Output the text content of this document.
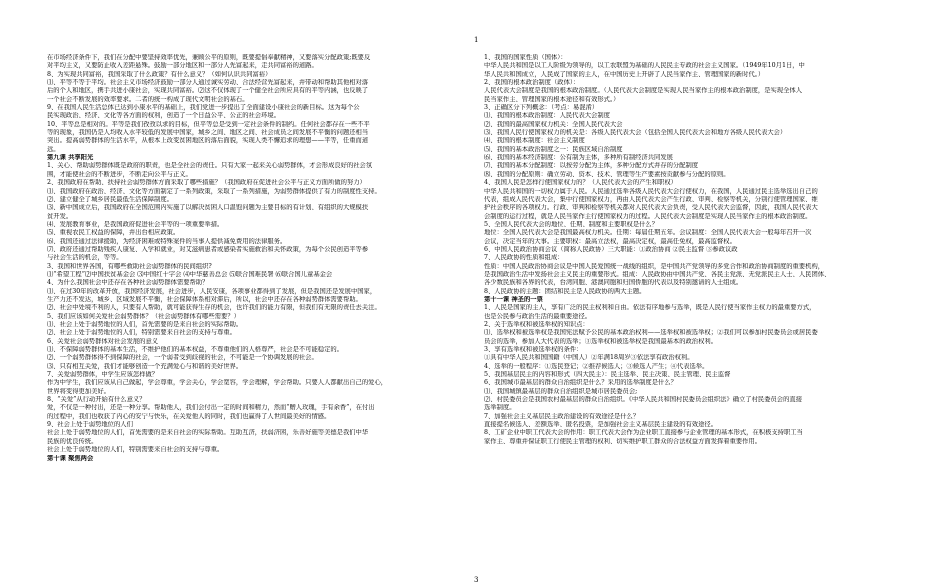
1
在市场经济条件下，我们在分配中要坚持效率优先，兼顾公平的原则，既要提倡奉献精神，又要落实分配政策;既要反
对平均主义，又要防止收入差距悬殊。鼓励一部分地区和一部分人先富起来，走共同富裕的道路。
8、为实现共同富裕，我国采取了什么政策？有什么意义？（如何认识共同富裕）
⑴、平等不等于平均。社会主义市场经济鼓励一部分人通过诚实劳动、合法经营先富起来，并带动和帮助其他相对落
后的个人和地区，携手共进小康社会，实现共同富裕。⑵这不仅体现了一个健全社会所应具有的平等内涵，也反映了
一个社会不断发展的效率要求。二者的统一构成了现代文明社会的基石。
9、在我国人民生活总体已达到小康水平的基础上，我们党进一步提出了全面建设小康社会的新目标。这为每个公
民实现政治、经济、文化等各方面的权利，创造了一个日益公平、公正的社会环境。
10、平等总是相对的。平等是我们孜孜以求的目标，但平等总是受到一定社会条件的制约。任何社会都存在一些不平
等的现象，我国仍是人均收入水平较低的发展中国家，城乡之间、地区之间、社会成员之间发展不平衡的问题还相当
突出。提高弱势群体的生活水平，从根本上改变贫困地区的落后面貌，实现人类不懈追求的理想——平等，任重而道
远。
第九课 共享阳光
1、关心、帮助弱势群体既是政府的职责，也是全社会的责任。只有大家一起来关心弱势群体，才会形成良好的社会氛
围，才能使社会的不断进步，不断走向公平与正义。
2、我国政府在帮助、扶持社会弱势群体方面采取了哪些措施？（我国政府在促进社会公平与正义方面所做的努力）
⑴、我国政府在政治、经济、文化等方面制定了一系列政策，采取了一系列措施，为弱势群体提供了有力的制度性支持。
⑵、建立健全了城乡居民最低生活保障制度。
⑶、新中国成立后，我国政府在全国范围内实施了以解决贫困人口温饱问题为主要目标的有计划、有组织的大规模扶
贫开发。
⑷、发展教育事业，是我国政府促进社会平等的一项重要举措。
⑸、重视农民工权益的保障，并出台相应政策。
⑹、我国还通过法律援助，为经济困难或特殊案件的当事人提供减免费用的法律服务。
⑺、政府还通过帮助残疾人康复、入学和就业，对艾滋病患者或感染者实施救治和关怀政策，为每个公民创造平等参
与社会生活的机会，等等。
3、我国和世界各国，有哪些救助社会弱势群体的民间组织?
⑴“希望工程”⑵中国扶贫基金会 ⑶中国红十字会 ⑷中华慈善总会 ⑸联合国难民署 ⑹联合国儿童基金会
4、为什么我国社会中还存在各种社会弱势群体需要帮助？
⑴、在过30年的改革开放，我国经济发展，社会进步，人民安康，各项事业都得到了发展，但是我国还是发展中国家，
生产力还不发达，城乡、区域发展不平衡，社会保障体系相对滞后，所以，社会中还存在各种弱势群体需要帮助。
⑵、社会中处境不利的人，只要有人帮助，就可能获得生存的机会，也许我们的能力有限，但我们有无限的责任去关注。
5、我们应该如何关爱社会弱势群体？（社会弱势群体有哪些需要？）
⑴、社会上处于弱势地位的人们，首先需要的是来自社会的实际帮助。
⑵、社会上处于弱势地位的人们，特别需要来自社会的支持与尊重。
6、关爱社会弱势群体对社会发展的意义
⑴、不保障弱势群体的基本生活，不维护他们的基本权益，不尊重他们的人格尊严，社会是不可能稳定的。
⑵、一个弱势群体得不到保障的社会，一个弱者受到歧视的社会，不可能是一个协调发展的社会。
⑶、只有相互关爱，我们才能够创造一个充满爱心与和谐的美好世界。
7、关爱弱势群体，中学生应该怎样做？
作为中学生，我们应该从自己做起，学会尊重，学会关心，学会宽容，学会理解，学会帮助。只要人人都献出自己的爱心，
世界将变得更加美好。
8、“关爱”从行动开始有什么意义？
爱，不仅是一种付出，还是一种分享。帮助他人，我们会付出一定的时间和精力，然而“赠人玫瑰，手有余香”，在付出
的过程中，我们也收获了内心的安宁与快乐，在关爱他人的同时，我们也赢得了人世间最美好的情感。
9、社会上处于弱势地位的人们
社会上处于弱势地位的人们，首先需要的是来自社会的实际帮助。互助互济，扶弱济困，乐善好施等美德是我们中华
民族的优良传统。
社会上处于弱势地位的人们，特别需要来自社会的支持与尊重。
第十课 聚焦两会
1、我国的国家性质（国体）：
中华人民共和国是以工人阶级为领导的，以工农联盟为基础的人民民主专政的社会主义国家。（1949年10月1日，中
华人民共和国成立，人民成了国家的主人，在中国历史上开辟了人民当家作主、管理国家的新时代。）
2、我国的根本政治制度（政体）：
人民代表大会制度是我国的根本政治制度。（人民代表大会制度是实现人民当家作主的根本政治制度，是实现全体人
民当家作主、管理国家的根本途径和有效形式。）
3、正确区分下列概念：（考点：易混淆）
⑴、我国的根本政治制度：人民代表大会制度
⑵、我国的最高国家权力机关：全国人民代表大会
⑶、我国人民行使国家权力的机关是：各级人民代表大会（包括全国人民代表大会和地方各级人民代表大会）
⑷、我国的根本制度：社会主义制度
⑸、我国的基本政治制度之一：民族区域自治制度
⑹、我国的基本经济制度：公有制为主体，多种所有制经济共同发展
⑺、我国的基本分配制度：以按劳分配为主体，多种分配方式并存的分配制度
⑻、我国的分配原则：确立劳动、资本、技术、管理等生产要素按贡献参与分配的原则。
4、我国人民是怎样行使国家权力的？（人民代表大会的产生和职权）
中华人民共和国的一切权力属于人民。人民通过选举各级人民代表大会行使权力，在我国，人民通过民主选举选出自己的
代表，组成人民代表大会，集中行使国家权力，再由人民代表大会产生行政、审判、检察等机关，分别行使管理国家、维
护社会秩序的各项权力。行政、审判和检察等机关都对人民代表大会负责，受人民代表大会监督，因此，我国人民代表大
会制度的运行过程，就是人民当家作主行使国家权力的过程。人民代表大会制度是实现人民当家作主的根本政治制度。
5、全国人民代表大会的地位、任期、制度和主要职权是什么？
地位：全国人民代表大会是我国最高权力机关。任期：每届任期五年。会议制度：全国人民代表大会一般每年召开一次
会议，决定当年的大事。主要职权：最高立法权，最高决定权，最高任免权，最高监督权。
6、中国人民政治协商会议（简称人民政协）三大职能：①政治协商 ②民主监督 ③参政议政
7、人民政协的性质和组成：
性质：中国人民政治协商会议是中国人民爱国统一战线的组织，是中国共产党领导的多党合作和政治协商制度的重要机构，
是我国政治生活中发扬社会主义民主的重要形式。组成：人民政协由中国共产党、各民主党派、无党派民主人士、人民团体、
各少数民族和各界的代表，台湾同胞、港澳同胞和归国侨胞的代表以及特别邀请的人士组成。
8、人民政协的主题：团结和民主是人民政协的两大主题。
第十一课 神圣的一票
1、人民是国家的主人，享有广泛的民主权利和自由。依法有序地参与选举，既是人民行使当家作主权力的最重要方式，
也是公民参与政治生活的最重要途径。
2、关于选举权和被选举权的知识点：
⑴、选举权和被选举权是我国宪法赋予公民的基本政治权利——选举权和被选举权；②我们可以参加村民委员会或居民委
员会的选举，参加人大代表的选举；③选举权和被选举权是我国最基本的政治权利。
3、享有选举权和被选举权的条件：
①具有中华人民共和国国籍（中国人）②年满18周岁③依法享有政治权利。
4、选举的一般程序：①选民登记；②推荐候选人；③候选人产生；④代表选举。
5、我国基层民主的内容和形式（四大民主）：民主选举、民主决策、民主管理、民主监督
6、我国城市最基层的群众自治组织是什么？采用的选举制度是什么？
⑴、我国城镇最基层的群众自治组织是城市居民委员会;
⑵、村民委员会是我国农村最基层的群众自治组织。《中华人民共和国村民委员会组织法》确立了村民委员会的直接
选举制度。
7、加强社会主义基层民主政治建设的有效途径是什么？
直接提名候选人、差额选举、匿名投票，是加强社会主义基层民主建设的有效途径。
8、工矿企业中职工代表大会的作用：职工代表大会作为企业职工直接参与企业管理的基本形式，在积极支持职工当
家作主、尊重并保证职工行使民主管理的权利、切实维护职工群众的合法权益方面发挥着重要作用。
3
